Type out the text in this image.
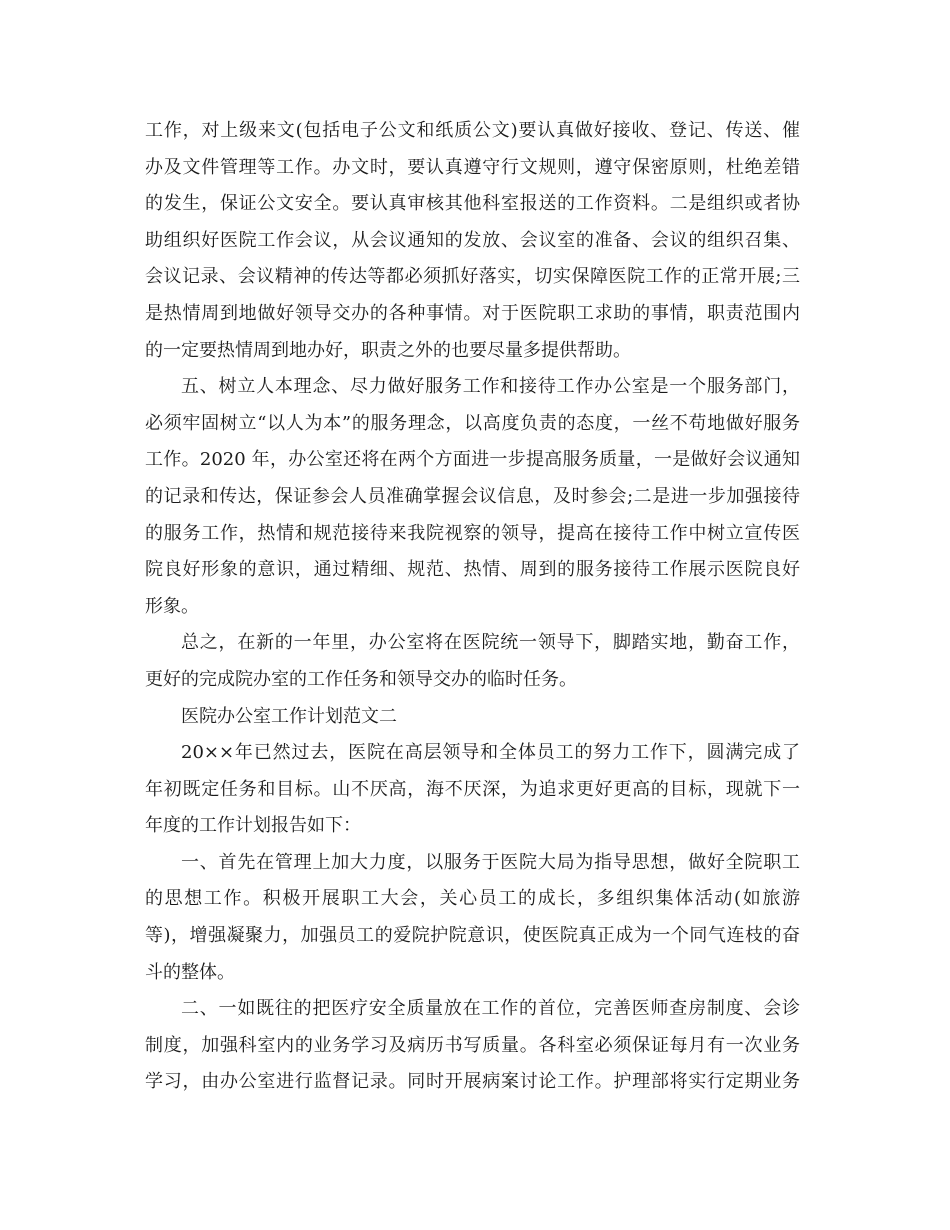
工作，对上级来文(包括电子公文和纸质公文)要认真做好接收、登记、传送、催
办及文件管理等工作。办文时，要认真遵守行文规则，遵守保密原则，杜绝差错
的发生，保证公文安全。要认真审核其他科室报送的工作资料。二是组织或者协
助组织好医院工作会议，从会议通知的发放、会议室的准备、会议的组织召集、
会议记录、会议精神的传达等都必须抓好落实，切实保障医院工作的正常开展;三
是热情周到地做好领导交办的各种事情。对于医院职工求助的事情，职责范围内
的一定要热情周到地办好，职责之外的也要尽量多提供帮助。
五、树立人本理念、尽力做好服务工作和接待工作办公室是一个服务部门，
必须牢固树立“以人为本”的服务理念，以高度负责的态度，一丝不苟地做好服务
工作。2020 年，办公室还将在两个方面进一步提高服务质量，一是做好会议通知
的记录和传达，保证参会人员准确掌握会议信息，及时参会;二是进一步加强接待
的服务工作，热情和规范接待来我院视察的领导，提高在接待工作中树立宣传医
院良好形象的意识，通过精细、规范、热情、周到的服务接待工作展示医院良好
形象。
总之，在新的一年里，办公室将在医院统一领导下，脚踏实地，勤奋工作，
更好的完成院办室的工作任务和领导交办的临时任务。
医院办公室工作计划范文二
20××年已然过去，医院在高层领导和全体员工的努力工作下，圆满完成了
年初既定任务和目标。山不厌高，海不厌深，为追求更好更高的目标，现就下一
年度的工作计划报告如下：
一、首先在管理上加大力度，以服务于医院大局为指导思想，做好全院职工
的思想工作。积极开展职工大会，关心员工的成长，多组织集体活动(如旅游
等)，增强凝聚力，加强员工的爱院护院意识，使医院真正成为一个同气连枝的奋
斗的整体。
二、一如既往的把医疗安全质量放在工作的首位，完善医师查房制度、会诊
制度，加强科室内的业务学习及病历书写质量。各科室必须保证每月有一次业务
学习，由办公室进行监督记录。同时开展病案讨论工作。护理部将实行定期业务
